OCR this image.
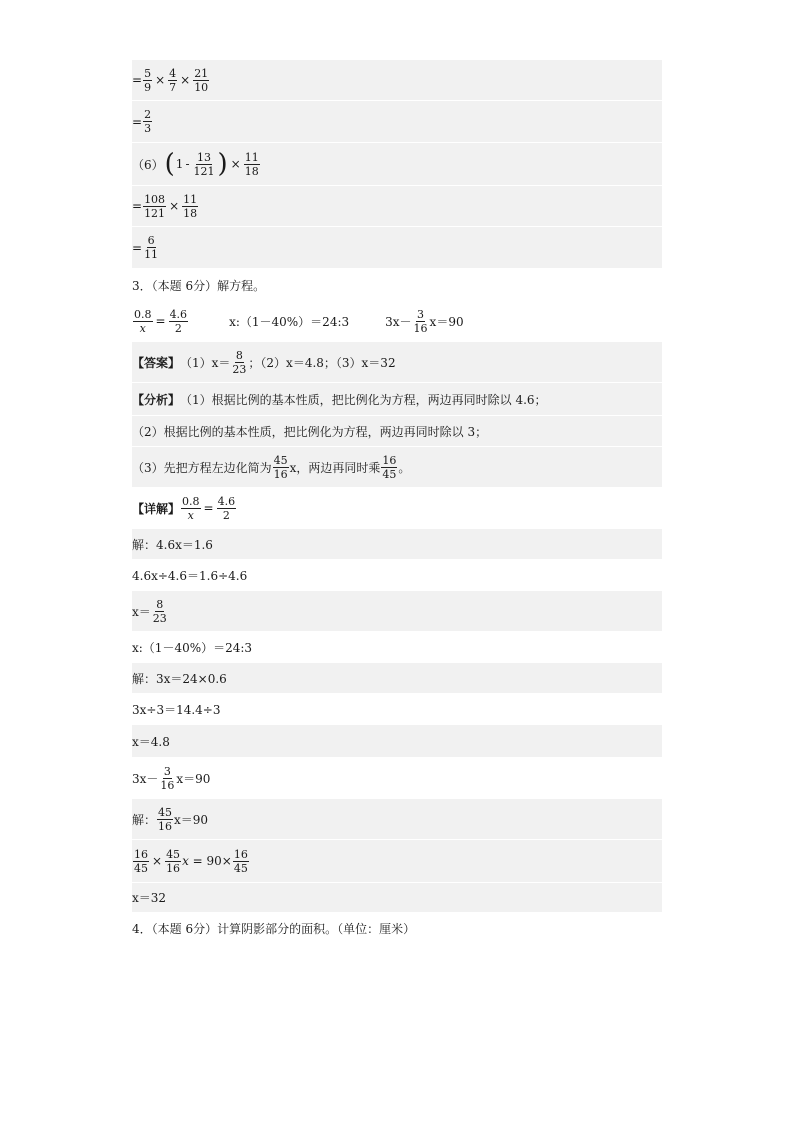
= $\frac{5}{9} \times \frac{4}{7} \times \frac{21}{10}$
= $\frac{2}{3}$
（6） ( $1 - \frac{13}{121}$ ) × $\frac{11}{18}$
= $\frac{108}{121} \times \frac{11}{18}$
= $\frac{6}{11}$
3．（本题 6分）解方程。
$\frac{0.8}{x} = \frac{4.6}{2}$	x:（1－40%）＝24:3	$3x- \frac{3}{16} x=90$
【答案】 $(1)x= \frac{8}{23}$ ；（2）x＝4.8；（3）x＝32
【分析】 （1）根据比例的基本性质，把比例化为方程，两边再同时除以 4.6；
（2）根据比例的基本性质，把比例化为方程，两边再同时除以 3；
（3）先把方程左边化简为 $\frac{45}{16}$ x，两边再同时乘 $\frac{16}{45}$ 。
【详解】 $\frac{0.8}{x} = \frac{4.6}{2}$
解：4.6x＝1.6
4.6x÷4.6＝1.6÷4.6
$x= \frac{8}{23}$
x:（1－40%）＝24:3
解：3x＝24×0.6
3x÷3＝14.4÷3
x＝4.8
$3x- \frac{3}{16} x=90$
解： $\frac{45}{16} x=90$
$\frac{16}{45} \times \frac{45}{16}$ $x = 90\times \frac{16}{45}$
x＝32
4．（本题 6分）计算阴影部分的面积。（单位：厘米）
